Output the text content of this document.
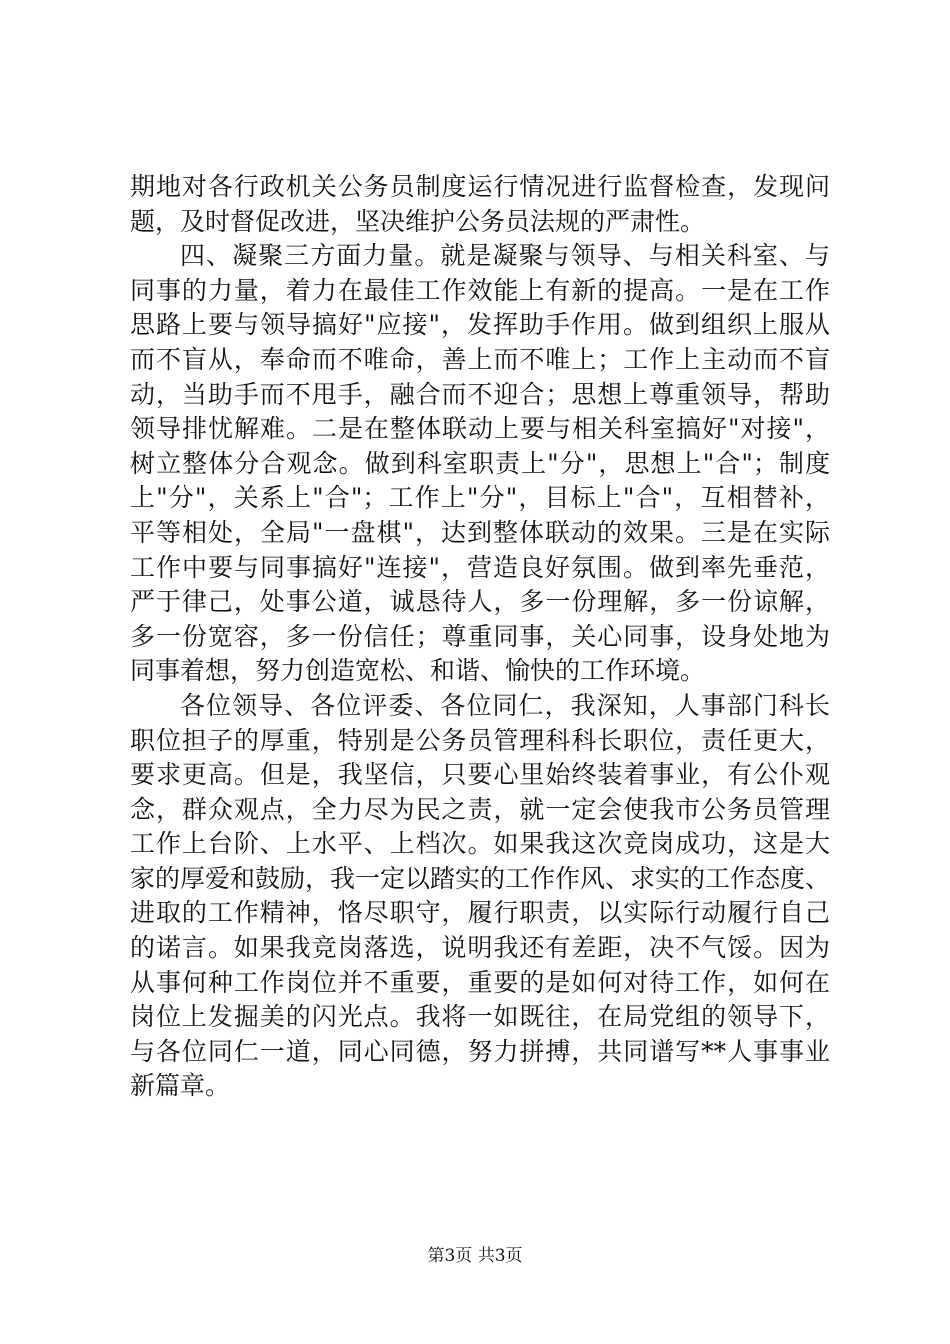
期地对各行政机关公务员制度运行情况进行监督检查，发现问
题，及时督促改进，坚决维护公务员法规的严肃性。
四、凝聚三方面力量。就是凝聚与领导、与相关科室、与
同事的力量，着力在最佳工作效能上有新的提高。一是在工作
思路上要与领导搞好"应接"，发挥助手作用。做到组织上服从
而不盲从，奉命而不唯命，善上而不唯上；工作上主动而不盲
动，当助手而不甩手，融合而不迎合；思想上尊重领导，帮助
领导排忧解难。二是在整体联动上要与相关科室搞好"对接"，
树立整体分合观念。做到科室职责上"分"，思想上"合"；制度
上"分"，关系上"合"；工作上"分"，目标上"合"，互相替补，
平等相处，全局"一盘棋"，达到整体联动的效果。三是在实际
工作中要与同事搞好"连接"，营造良好氛围。做到率先垂范，
严于律己，处事公道，诚恳待人，多一份理解，多一份谅解，
多一份宽容，多一份信任；尊重同事，关心同事，设身处地为
同事着想，努力创造宽松、和谐、愉快的工作环境。
各位领导、各位评委、各位同仁，我深知，人事部门科长
职位担子的厚重，特别是公务员管理科科长职位，责任更大，
要求更高。但是，我坚信，只要心里始终装着事业，有公仆观
念，群众观点，全力尽为民之责，就一定会使我市公务员管理
工作上台阶、上水平、上档次。如果我这次竞岗成功，这是大
家的厚爱和鼓励，我一定以踏实的工作作风、求实的工作态度、
进取的工作精神，恪尽职守，履行职责，以实际行动履行自己
的诺言。如果我竞岗落选，说明我还有差距，决不气馁。因为
从事何种工作岗位并不重要，重要的是如何对待工作，如何在
岗位上发掘美的闪光点。我将一如既往，在局党组的领导下，
与各位同仁一道，同心同德，努力拼搏，共同谱写**人事事业
新篇章。
第3页 共3页
